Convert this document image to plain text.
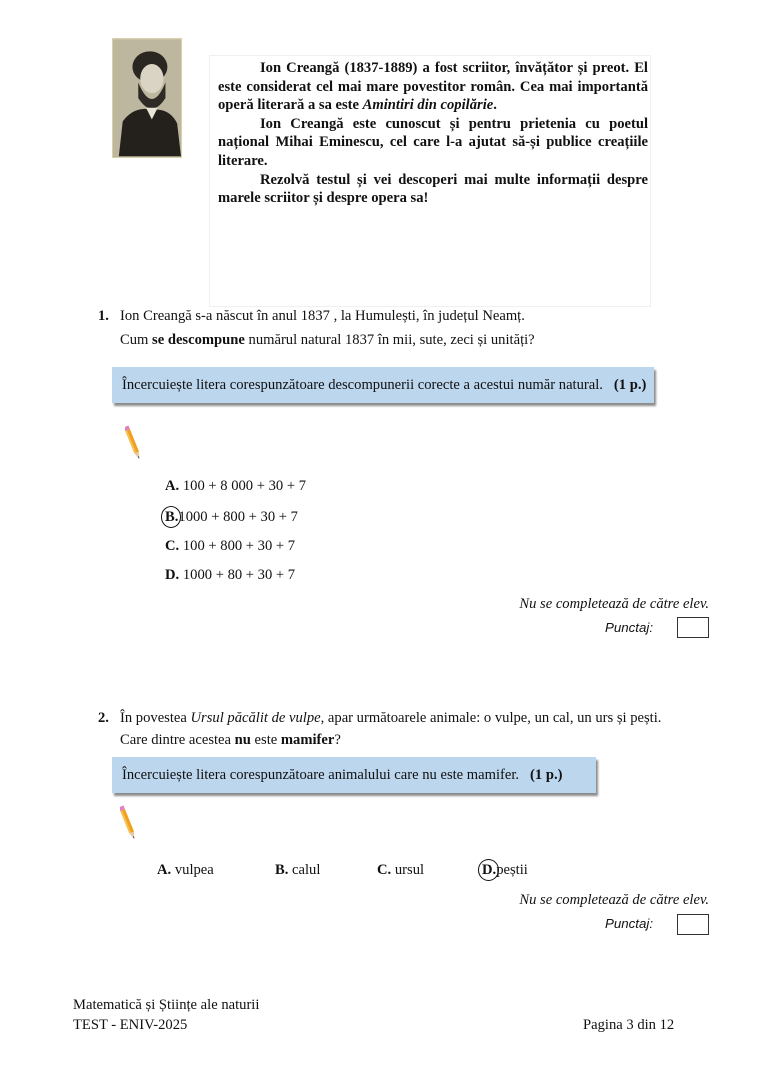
Ion Creangă (1837-1889) a fost scriitor, învățător și preot. El este considerat cel mai mare povestitor român. Cea mai importantă operă literară a sa este Amintiri din copilărie.

Ion Creangă este cunoscut și pentru prietenia cu poetul național Mihai Eminescu, cel care l-a ajutat să-și publice creațiile literare.

Rezolvă testul și vei descoperi mai multe informații despre marele scriitor și despre opera sa!

1. Ion Creangă s-a născut în anul 1837 , la Humulești, în județul Neamț.
Cum se descompune numărul natural 1837 în mii, sute, zeci și unități?
Încercuiește litera corespunzătoare descompunerii corecte a acestui număr natural. (1 p.)
A. 100 + 8 000 + 30 + 7
B.1000 + 800 + 30 + 7
C. 100 + 800 + 30 + 7
D. 1000 + 80 + 30 + 7
Nu se completează de către elev.
Punctaj:
2. În povestea Ursul păcălit de vulpe, apar următoarele animale: o vulpe, un cal, un urs și pești.
Care dintre acestea nu este mamifer?
Încercuiește litera corespunzătoare animalului care nu este mamifer. (1 p.)
A. vulpea	B. calul	C. ursul	D.peștii
Nu se completează de către elev.
Punctaj:
Matematică și Științe ale naturii
TEST - ENIV-2025	Pagina 3 din 12
